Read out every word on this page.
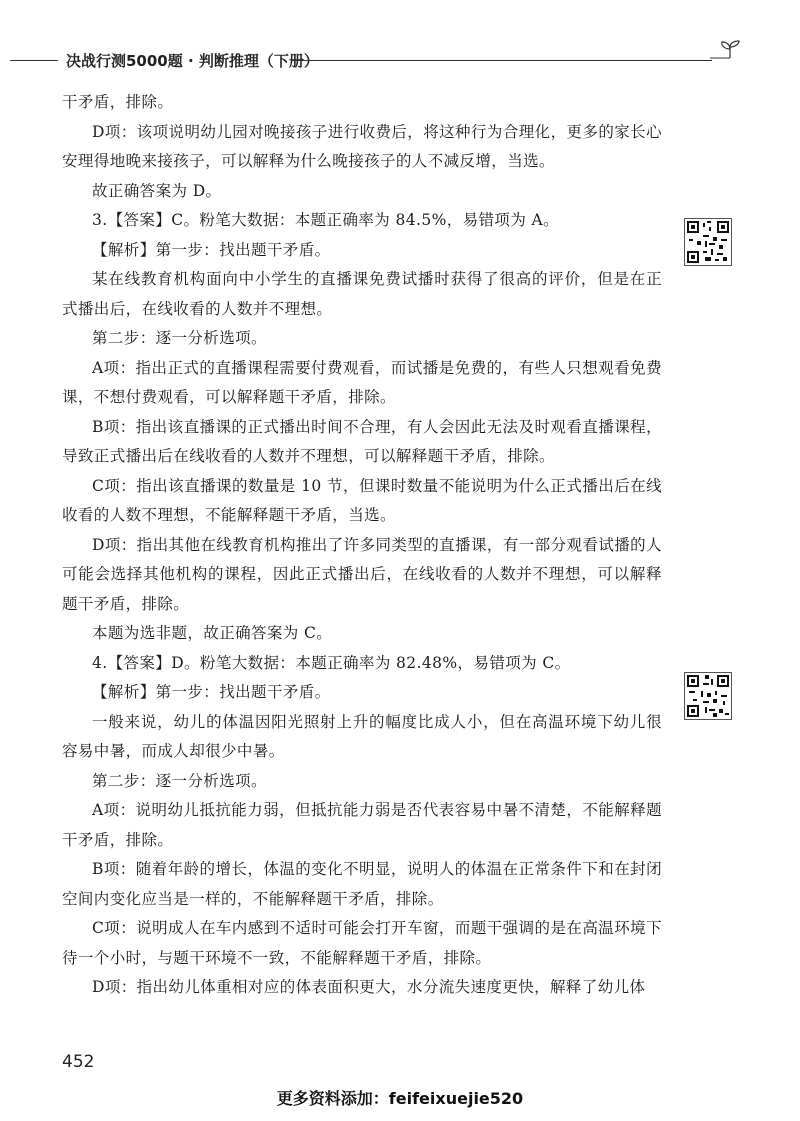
决战行测5000题 · 判断推理（下册）

干矛盾，排除。

D项：该项说明幼儿园对晚接孩子进行收费后，将这种行为合理化，更多的家长心安理得地晚来接孩子，可以解释为什么晚接孩子的人不减反增，当选。

故正确答案为 D。

3.【答案】C。粉笔大数据：本题正确率为 84.5%，易错项为 A。

【解析】第一步：找出题干矛盾。

某在线教育机构面向中小学生的直播课免费试播时获得了很高的评价，但是在正式播出后，在线收看的人数并不理想。

第二步：逐一分析选项。

A项：指出正式的直播课程需要付费观看，而试播是免费的，有些人只想观看免费课，不想付费观看，可以解释题干矛盾，排除。

B项：指出该直播课的正式播出时间不合理，有人会因此无法及时观看直播课程，导致正式播出后在线收看的人数并不理想，可以解释题干矛盾，排除。

C项：指出该直播课的数量是 10 节，但课时数量不能说明为什么正式播出后在线收看的人数不理想，不能解释题干矛盾，当选。

D项：指出其他在线教育机构推出了许多同类型的直播课，有一部分观看试播的人可能会选择其他机构的课程，因此正式播出后，在线收看的人数并不理想，可以解释题干矛盾，排除。

本题为选非题，故正确答案为 C。

4.【答案】D。粉笔大数据：本题正确率为 82.48%，易错项为 C。

【解析】第一步：找出题干矛盾。

一般来说，幼儿的体温因阳光照射上升的幅度比成人小，但在高温环境下幼儿很容易中暑，而成人却很少中暑。

第二步：逐一分析选项。

A项：说明幼儿抵抗能力弱，但抵抗能力弱是否代表容易中暑不清楚，不能解释题干矛盾，排除。

B项：随着年龄的增长，体温的变化不明显，说明人的体温在正常条件下和在封闭空间内变化应当是一样的，不能解释题干矛盾，排除。

C项：说明成人在车内感到不适时可能会打开车窗，而题干强调的是在高温环境下待一个小时，与题干环境不一致，不能解释题干矛盾，排除。

D项：指出幼儿体重相对应的体表面积更大，水分流失速度更快，解释了幼儿体

452
更多资料添加：feifeixuejie520
